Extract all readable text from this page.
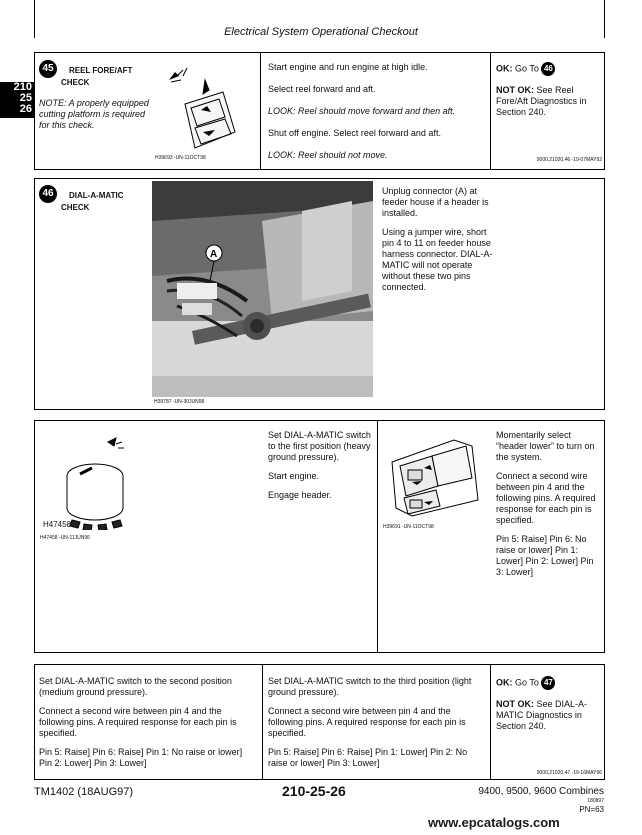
Electrical System Operational Checkout
210
25
26
45 REEL FORE/AFT
CHECK
NOTE: A properly equipped cutting platform is required for this check.
H39693 -UN-11OCT98

Start engine and run engine at high idle.

Select reel forward and aft.

LOOK: Reel should move forward and then aft.

Shut off engine. Select reel forward and aft.

LOOK: Reel should not move.

OK: Go To 46

NOT OK: See Reel Fore/Aft Diagnostics in Section 240.

9000,21020,46 -19-07MAY92
46 DIAL-A-MATIC
CHECK
A
H39787 -UN-30JUN98

Unplug connector (A) at feeder house if a header is installed.

Using a jumper wire, short pin 4 to 11 on feeder house harness connector. DIAL-A-MATIC will not operate without these two pins connected.

H47458
H47458 -UN-11JUN96

Set DIAL-A-MATIC switch to the first position (heavy ground pressure).

Start engine.

Engage header.

H39691 -UN-11OCT98

Momentarily select “header lower” to turn on the system.

Connect a second wire between pin 4 and the following pins. A required response for each pin is specified.

Pin 5: Raise] Pin 6: No raise or lower] Pin 1: Lower] Pin 2: Lower] Pin 3: Lower]

Set DIAL-A-MATIC switch to the second position (medium ground pressure).

Connect a second wire between pin 4 and the following pins. A required response for each pin is specified.

Pin 5: Raise] Pin 6: Raise] Pin 1: No raise or lower] Pin 2: Lower] Pin 3: Lower]

Set DIAL-A-MATIC switch to the third position (light ground pressure).

Connect a second wire between pin 4 and the following pins. A required response for each pin is specified.

Pin 5: Raise] Pin 6: Raise] Pin 1: Lower] Pin 2: No raise or lower] Pin 3: Lower]

OK: Go To 47

NOT OK: See DIAL-A-MATIC Diagnostics in Section 240.

9000,21020,47 -19-16MAY96
TM1402 (18AUG97)	210-25-26	9400, 9500, 9600 Combines
180897
PN=63
www.epcatalogs.com
